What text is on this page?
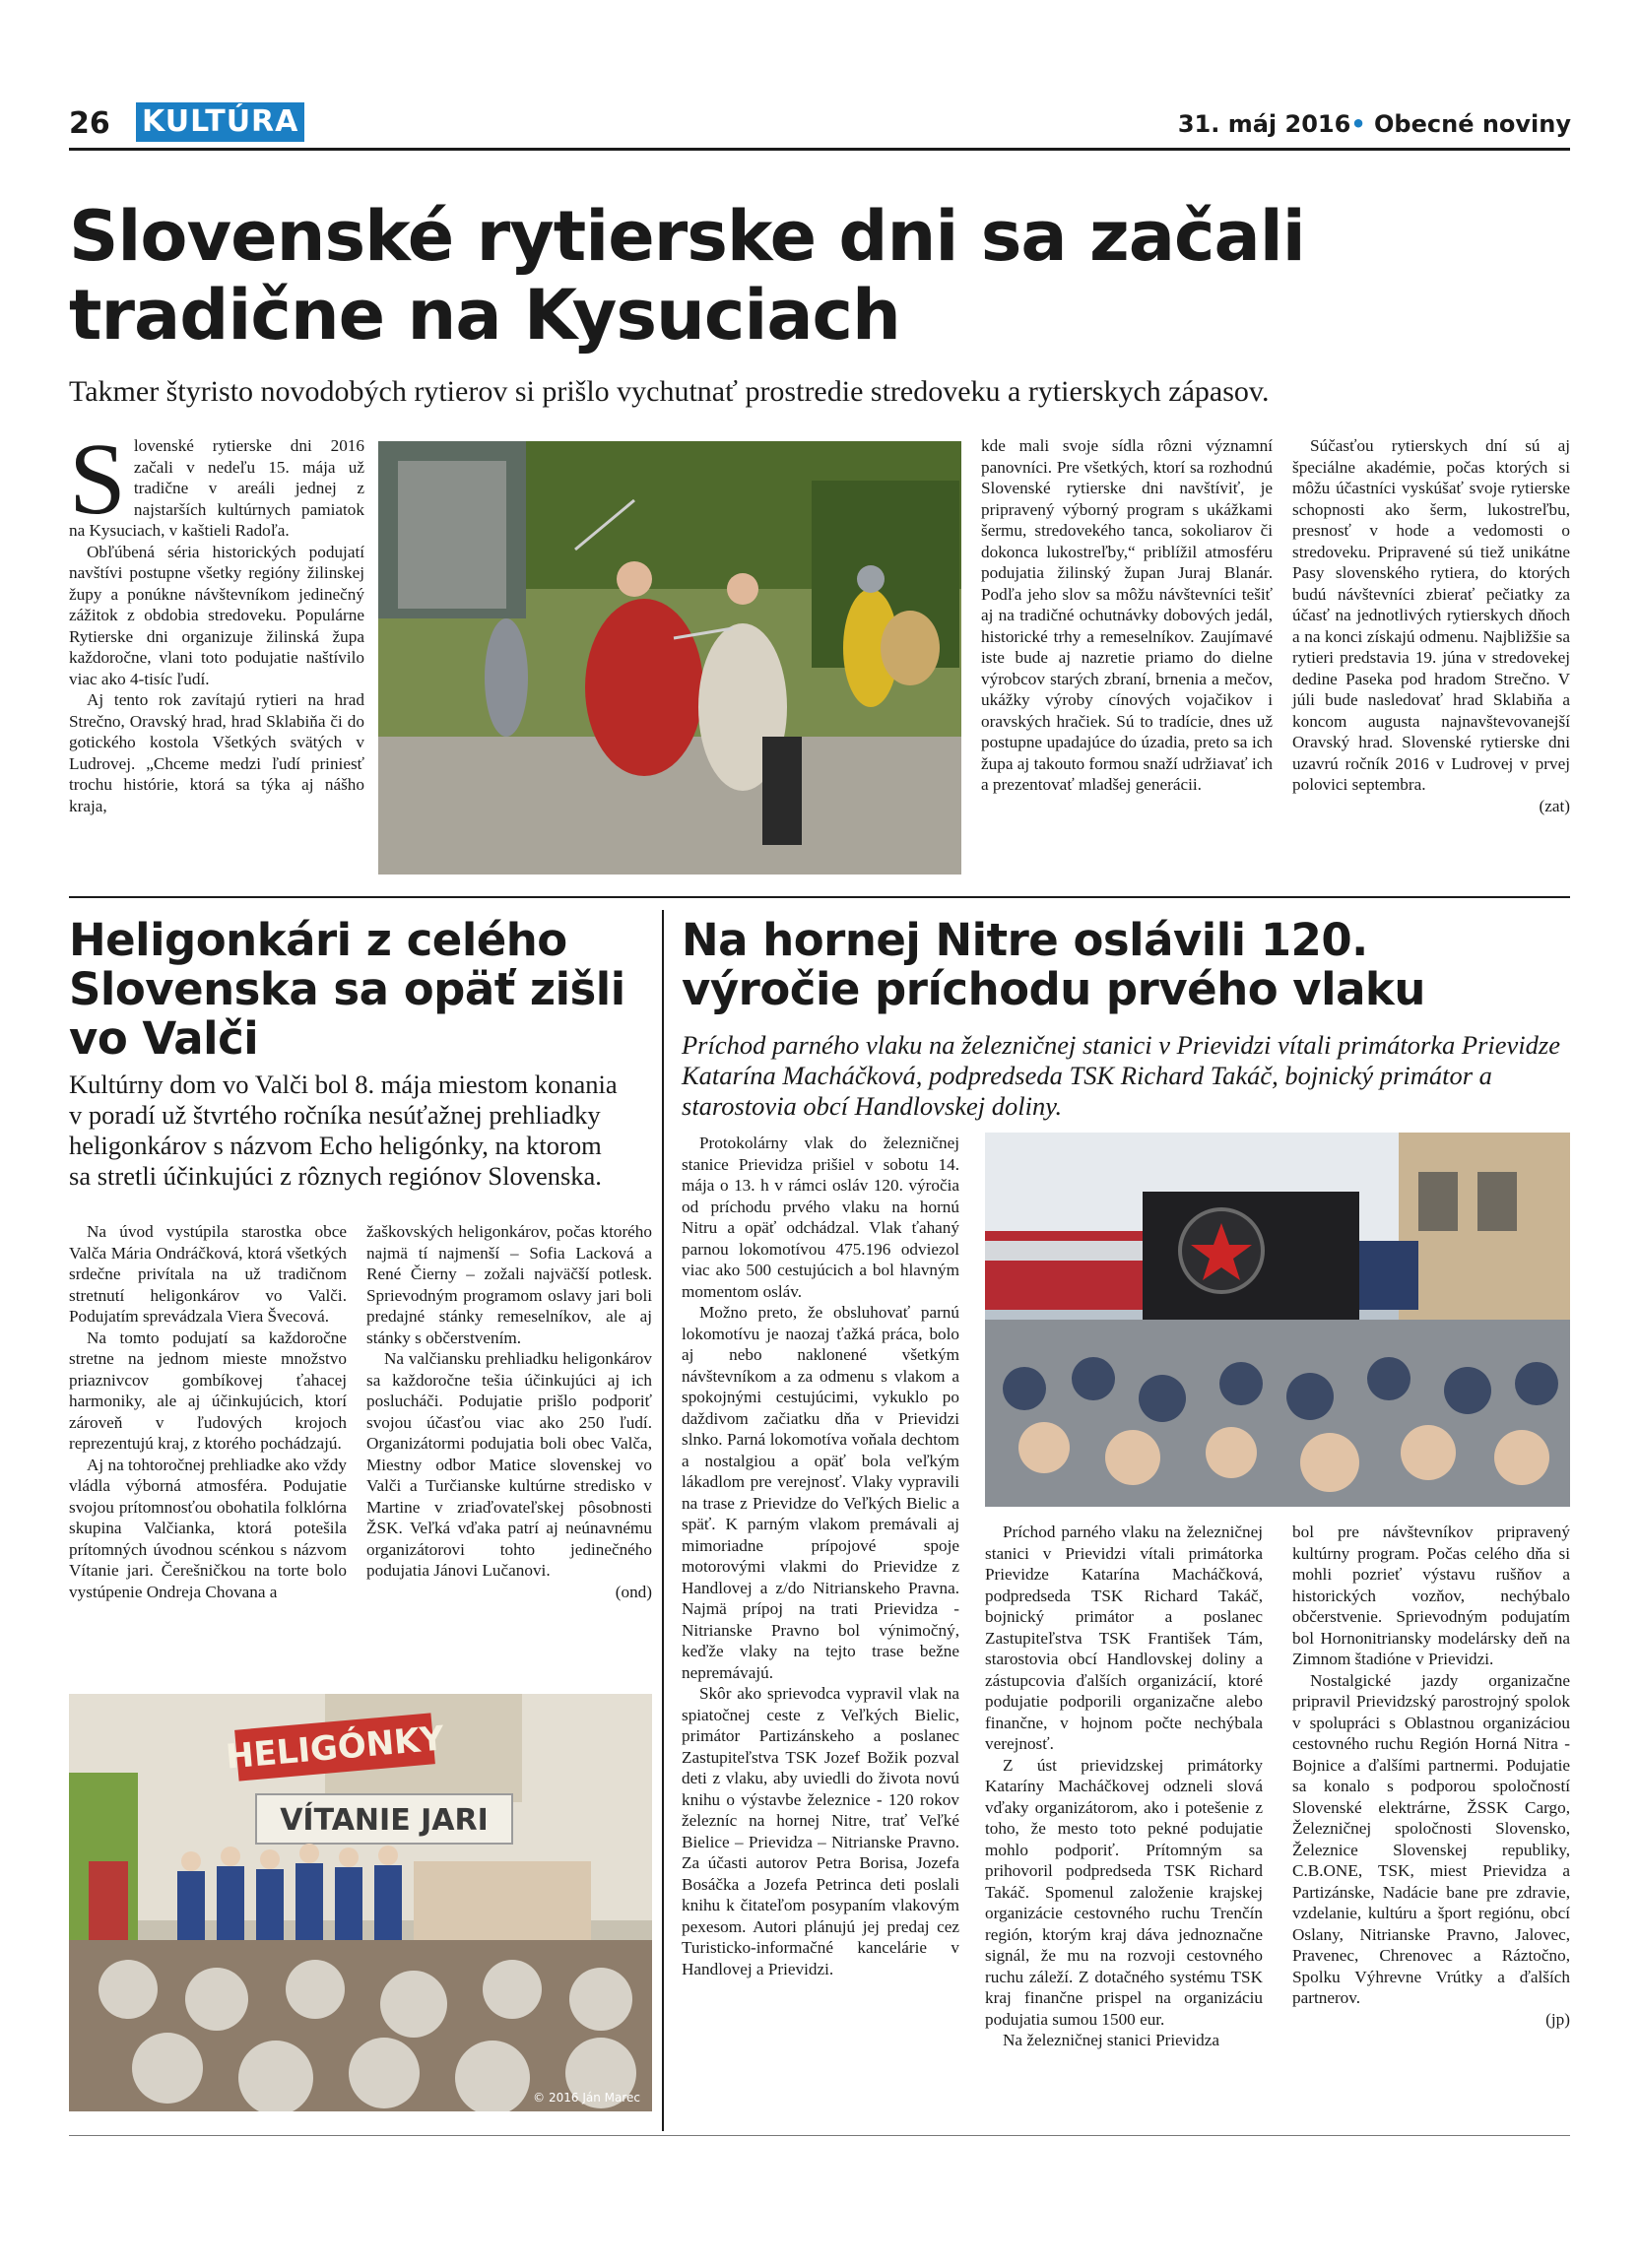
26 KULTÚRA	31. máj 2016• Obecné noviny
Slovenské rytierske dni sa začali
tradične na Kysuciach
Takmer štyristo novodobých rytierov si prišlo vychutnať prostredie stredoveku a rytierskych zápasov.

Slovenské rytierske dni 2016 začali v nedeľu 15. mája už tradične v areáli jednej z najstarších kultúrnych pamiatok na Kysuciach, v kaštieli Radoľa.

Obľúbená séria historických podujatí navštívi postupne všetky regióny žilinskej župy a ponúkne návštevníkom jedinečný zážitok z obdobia stredoveku. Populárne Rytierske dni organizuje žilinská župa každoročne, vlani toto podujatie naštívilo viac ako 4-tisíc ľudí.

Aj tento rok zavítajú rytieri na hrad Strečno, Oravský hrad, hrad Sklabiňa či do gotického kostola Všetkých svätých v Ludrovej. „Chceme medzi ľudí priniesť trochu histórie, ktorá sa týka aj nášho kraja,

kde mali svoje sídla rôzni významní panovníci. Pre všetkých, ktorí sa rozhodnú Slovenské rytierske dni navštíviť, je pripravený výborný program s ukážkami šermu, stredovekého tanca, sokoliarov či dokonca lukostreľby,“ priblížil atmosféru podujatia žilinský župan Juraj Blanár. Podľa jeho slov sa môžu návštevníci tešiť aj na tradičné ochutnávky dobových jedál, historické trhy a remeselníkov. Zaujímavé iste bude aj nazretie priamo do dielne výrobcov starých zbraní, brnenia a mečov, ukážky výroby cínových vojačikov i oravských hračiek. Sú to tradície, dnes už postupne upadajúce do úzadia, preto sa ich župa aj takouto formou snaží udržiavať ich a prezentovať mladšej generácii.

Súčasťou rytierskych dní sú aj špeciálne akadémie, počas ktorých si môžu účastníci vyskúšať svoje rytierske schopnosti ako šerm, lukostreľbu, presnosť v hode a vedomosti o stredoveku. Pripravené sú tiež unikátne Pasy slovenského rytiera, do ktorých budú návštevníci zbierať pečiatky za účasť na jednotlivých rytierskych dňoch a na konci získajú odmenu. Najbližšie sa rytieri predstavia 19. júna v stredovekej dedine Paseka pod hradom Strečno. V júli bude nasledovať hrad Sklabiňa a koncom augusta najnavštevovanejší Oravský hrad. Slovenské rytierske dni uzavrú ročník 2016 v Ludrovej v prvej polovici septembra.

(zat)

Heligonkári z celého
Slovenska sa opäť zišli
vo Valči
Kultúrny dom vo Valči bol 8. mája miestom konania v poradí už štvrtého ročníka nesúťažnej prehliadky heligonkárov s názvom Echo heligónky, na ktorom sa stretli účinkujúci z rôznych regiónov Slovenska.

Na úvod vystúpila starostka obce Valča Mária Ondráčková, ktorá všetkých srdečne privítala na už tradičnom stretnutí heligonkárov vo Valči. Podujatím sprevádzala Viera Švecová.

Na tomto podujatí sa každoročne stretne na jednom mieste množstvo priaznivcov gombíkovej ťahacej harmoniky, ale aj účinkujúcich, ktorí zároveň v ľudových krojoch reprezentujú kraj, z ktorého pochádzajú.

Aj na tohtoročnej prehliadke ako vždy vládla výborná atmosféra. Podujatie svojou prítomnosťou obohatila folklórna skupina Valčianka, ktorá potešila prítomných úvodnou scénkou s názvom Vítanie jari. Čerešničkou na torte bolo vystúpenie Ondreja Chovana a

žaškovských heligonkárov, počas ktorého najmä tí najmenší – Sofia Lacková a René Čierny – zožali najväčší potlesk. Sprievodným programom oslavy jari boli predajné stánky remeselníkov, ale aj stánky s občerstvením.

Na valčiansku prehliadku heligonkárov sa každoročne tešia účinkujúci aj ich poslucháči. Podujatie prišlo podporiť svojou účasťou viac ako 250 ľudí. Organizátormi podujatia boli obec Valča, Miestny odbor Matice slovenskej vo Valči a Turčianske kultúrne stredisko v Martine v zriaďovateľskej pôsobnosti ŽSK. Veľká vďaka patrí aj neúnavnému organizátorovi tohto jedinečného podujatia Jánovi Lučanovi.

(ond)

HELIGÓNKY
VÍTANIE JARI
© 2016 Ján Marec
Na hornej Nitre oslávili 120.
výročie príchodu prvého vlaku
Príchod parného vlaku na železničnej stanici v Prievidzi vítali primátorka Prievidze Katarína Macháčková, podpredseda TSK Richard Takáč, bojnický primátor a starostovia obcí Handlovskej doliny.

Protokolárny vlak do železničnej stanice Prievidza prišiel v sobotu 14. mája o 13. h v rámci osláv 120. výročia od príchodu prvého vlaku na hornú Nitru a opäť odchádzal. Vlak ťahaný parnou lokomotívou 475.196 odviezol viac ako 500 cestujúcich a bol hlavným momentom osláv.

Možno preto, že obsluhovať parnú lokomotívu je naozaj ťažká práca, bolo aj nebo naklonené všetkým návštevníkom a za odmenu s vlakom a spokojnými cestujúcimi, vykuklo po daždivom začiatku dňa v Prievidzi slnko. Parná lokomotíva voňala dechtom a nostalgiou a opäť bola veľkým lákadlom pre verejnosť. Vlaky vypravili na trase z Prievidze do Veľkých Bielic a späť. K parným vlakom premávali aj mimoriadne prípojové spoje motorovými vlakmi do Prievidze z Handlovej a z/do Nitrianskeho Pravna. Najmä prípoj na trati Prievidza - Nitrianske Pravno bol výnimočný, keďže vlaky na tejto trase bežne nepremávajú.

Skôr ako sprievodca vypravil vlak na spiatočnej ceste z Veľkých Bielic, primátor Partizánskeho a poslanec Zastupiteľstva TSK Jozef Božik pozval deti z vlaku, aby uviedli do života novú knihu o výstavbe železnice - 120 rokov železníc na hornej Nitre, trať Veľké Bielice – Prievidza – Nitrianske Pravno. Za účasti autorov Petra Borisa, Jozefa Bosáčka a Jozefa Petrinca deti poslali knihu k čitateľom posypaním vlakovým pexesom. Autori plánujú jej predaj cez Turisticko-informačné kancelárie v Handlovej a Prievidzi.

Príchod parného vlaku na železničnej stanici v Prievidzi vítali primátorka Prievidze Katarína Macháčková, podpredseda TSK Richard Takáč, bojnický primátor a poslanec Zastupiteľstva TSK František Tám, starostovia obcí Handlovskej doliny a zástupcovia ďalších organizácií, ktoré podujatie podporili organizačne alebo finančne, v hojnom počte nechýbala verejnosť.

Z úst prievidzskej primátorky Kataríny Macháčkovej odzneli slová vďaky organizátorom, ako i potešenie z toho, že mesto toto pekné podujatie mohlo podporiť. Prítomným sa prihovoril podpredseda TSK Richard Takáč. Spomenul založenie krajskej organizácie cestovného ruchu Trenčín región, ktorým kraj dáva jednoznačne signál, že mu na rozvoji cestovného ruchu záleží. Z dotačného systému TSK kraj finančne prispel na organizáciu podujatia sumou 1500 eur.

Na železničnej stanici Prievidza

bol pre návštevníkov pripravený kultúrny program. Počas celého dňa si mohli pozrieť výstavu rušňov a historických vozňov, nechýbalo občerstvenie. Sprievodným podujatím bol Hornonitriansky modelársky deň na Zimnom štadióne v Prievidzi.

Nostalgické jazdy organizačne pripravil Prievidzský parostrojný spolok v spolupráci s Oblastnou organizáciou cestovného ruchu Región Horná Nitra - Bojnice a ďalšími partnermi. Podujatie sa konalo s podporou spoločností Slovenské elektrárne, ŽSSK Cargo, Železničnej spoločnosti Slovensko, Železnice Slovenskej republiky, C.B.ONE, TSK, miest Prievidza a Partizánske, Nadácie bane pre zdravie, vzdelanie, kultúru a šport regiónu, obcí Oslany, Nitrianske Pravno, Jalovec, Pravenec, Chrenovec a Ráztočno, Spolku Výhrevne Vrútky a ďalších partnerov.

(jp)
